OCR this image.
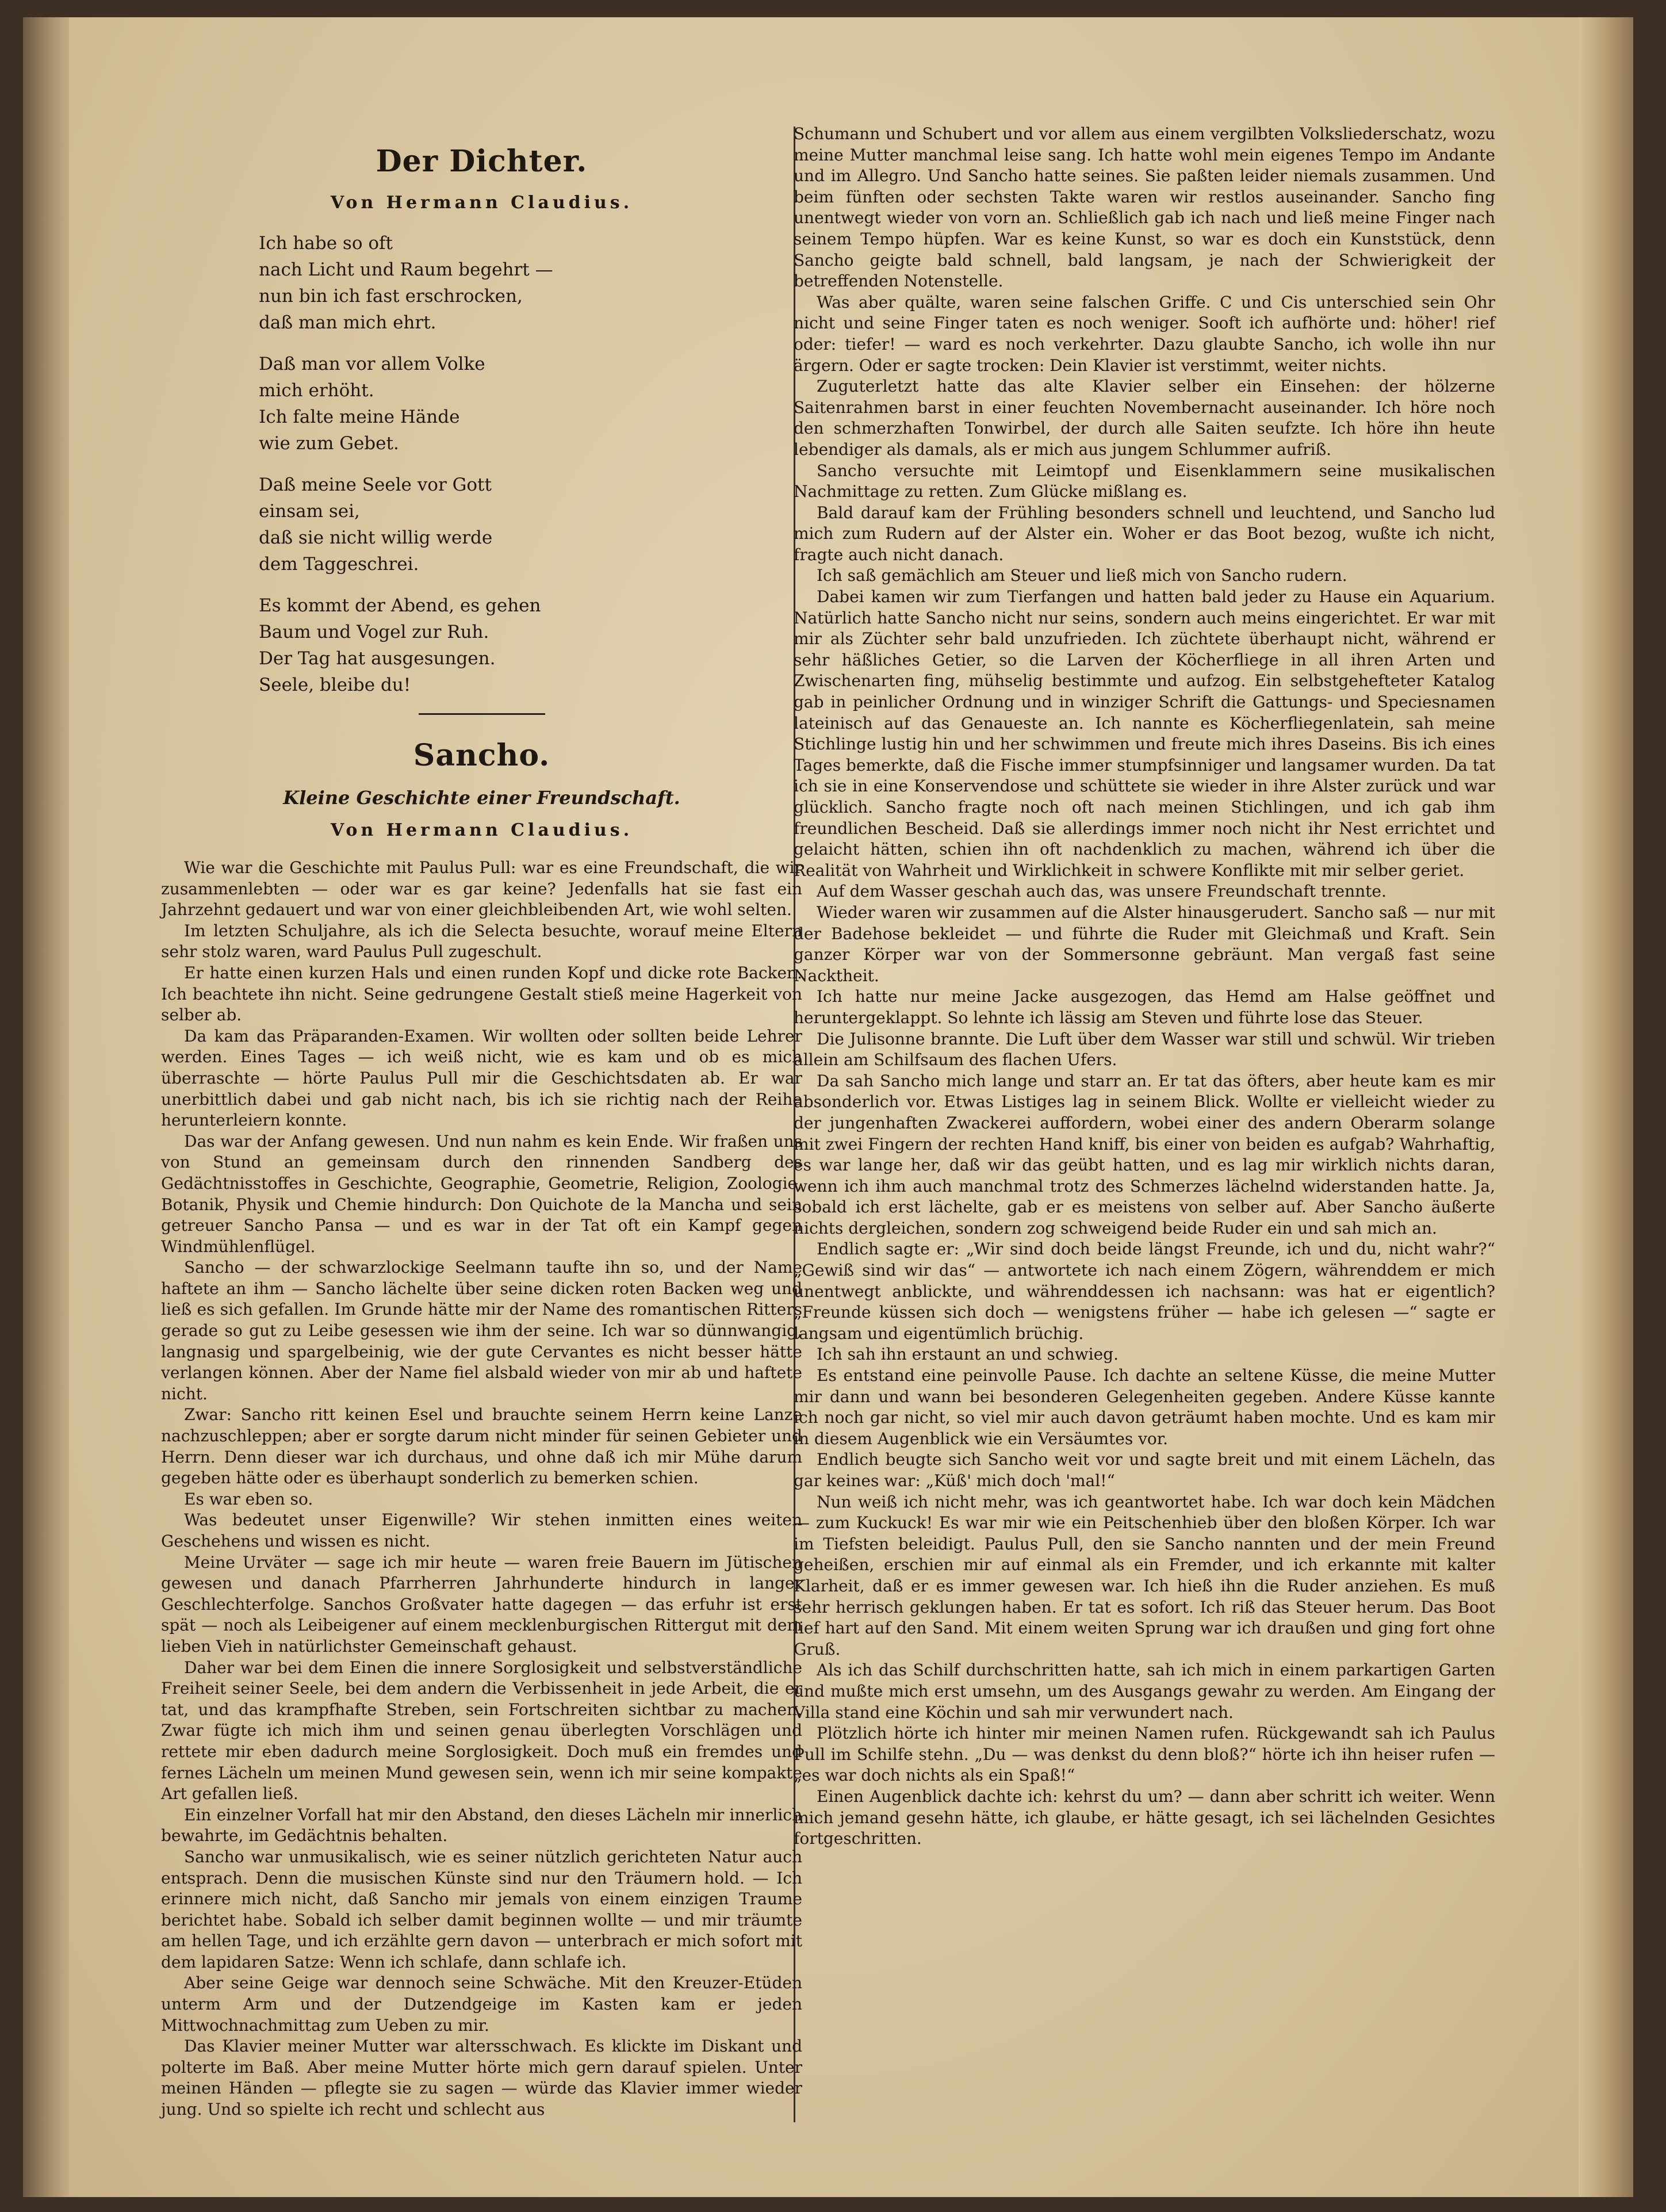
Der Dichter.
Von Hermann Claudius.
Ich habe so oft
nach Licht und Raum begehrt —
nun bin ich fast erschrocken,
daß man mich ehrt.
Daß man vor allem Volke
mich erhöht.
Ich falte meine Hände
wie zum Gebet.
Daß meine Seele vor Gott
einsam sei,
daß sie nicht willig werde
dem Taggeschrei.
Es kommt der Abend, es gehen
Baum und Vogel zur Ruh.
Der Tag hat ausgesungen.
Seele, bleibe du!
Sancho.
Kleine Geschichte einer Freundschaft.
Von Hermann Claudius.

Wie war die Geschichte mit Paulus Pull: war es eine Freundschaft, die wir zusammenlebten — oder war es gar keine? Jedenfalls hat sie fast ein Jahrzehnt gedauert und war von einer gleichbleibenden Art, wie wohl selten.

Im letzten Schuljahre, als ich die Selecta besuchte, worauf meine Eltern sehr stolz waren, ward Paulus Pull zugeschult.

Er hatte einen kurzen Hals und einen runden Kopf und dicke rote Backen. Ich beachtete ihn nicht. Seine gedrungene Gestalt stieß meine Hagerkeit von selber ab.

Da kam das Präparanden-Examen. Wir wollten oder sollten beide Lehrer werden. Eines Tages — ich weiß nicht, wie es kam und ob es mich überraschte — hörte Paulus Pull mir die Geschichtsdaten ab. Er war unerbittlich dabei und gab nicht nach, bis ich sie richtig nach der Reihe herunterleiern konnte.

Das war der Anfang gewesen. Und nun nahm es kein Ende. Wir fraßen uns von Stund an gemeinsam durch den rinnenden Sandberg des Gedächtnisstoffes in Geschichte, Geographie, Geometrie, Religion, Zoologie, Botanik, Physik und Chemie hindurch: Don Quichote de la Mancha und sein getreuer Sancho Pansa — und es war in der Tat oft ein Kampf gegen Windmühlenflügel.

Sancho — der schwarzlockige Seelmann taufte ihn so, und der Name haftete an ihm — Sancho lächelte über seine dicken roten Backen weg und ließ es sich gefallen. Im Grunde hätte mir der Name des romantischen Ritters gerade so gut zu Leibe gesessen wie ihm der seine. Ich war so dünnwangig, langnasig und spargelbeinig, wie der gute Cervantes es nicht besser hätte verlangen können. Aber der Name fiel alsbald wieder von mir ab und haftete nicht.

Zwar: Sancho ritt keinen Esel und brauchte seinem Herrn keine Lanze nachzuschleppen; aber er sorgte darum nicht minder für seinen Gebieter und Herrn. Denn dieser war ich durchaus, und ohne daß ich mir Mühe darum gegeben hätte oder es überhaupt sonderlich zu bemerken schien.

Es war eben so.

Was bedeutet unser Eigenwille? Wir stehen inmitten eines weiten Geschehens und wissen es nicht.

Meine Urväter — sage ich mir heute — waren freie Bauern im Jütischen gewesen und danach Pfarrherren Jahrhunderte hindurch in langer Geschlechterfolge. Sanchos Großvater hatte dagegen — das erfuhr ist erst spät — noch als Leibeigener auf einem mecklenburgischen Rittergut mit dem lieben Vieh in natürlichster Gemeinschaft gehaust.

Daher war bei dem Einen die innere Sorglosigkeit und selbstverständliche Freiheit seiner Seele, bei dem andern die Verbissenheit in jede Arbeit, die er tat, und das krampfhafte Streben, sein Fortschreiten sichtbar zu machen. Zwar fügte ich mich ihm und seinen genau überlegten Vorschlägen und rettete mir eben dadurch meine Sorglosigkeit. Doch muß ein fremdes und fernes Lächeln um meinen Mund gewesen sein, wenn ich mir seine kompakte Art gefallen ließ.

Ein einzelner Vorfall hat mir den Abstand, den dieses Lächeln mir innerlich bewahrte, im Gedächtnis behalten.

Sancho war unmusikalisch, wie es seiner nützlich gerichteten Natur auch entsprach. Denn die musischen Künste sind nur den Träumern hold. — Ich erinnere mich nicht, daß Sancho mir jemals von einem einzigen Traume berichtet habe. Sobald ich selber damit beginnen wollte — und mir träumte am hellen Tage, und ich erzählte gern davon — unterbrach er mich sofort mit dem lapidaren Satze: Wenn ich schlafe, dann schlafe ich.

Aber seine Geige war dennoch seine Schwäche. Mit den Kreuzer-Etüden unterm Arm und der Dutzendgeige im Kasten kam er jeden Mittwochnachmittag zum Ueben zu mir.

Das Klavier meiner Mutter war altersschwach. Es klickte im Diskant und polterte im Baß. Aber meine Mutter hörte mich gern darauf spielen. Unter meinen Händen — pflegte sie zu sagen — würde das Klavier immer wieder jung. Und so spielte ich recht und schlecht aus

Schumann und Schubert und vor allem aus einem vergilbten Volksliederschatz, wozu meine Mutter manchmal leise sang. Ich hatte wohl mein eigenes Tempo im Andante und im Allegro. Und Sancho hatte seines. Sie paßten leider niemals zusammen. Und beim fünften oder sechsten Takte waren wir restlos auseinander. Sancho fing unentwegt wieder von vorn an. Schließlich gab ich nach und ließ meine Finger nach seinem Tempo hüpfen. War es keine Kunst, so war es doch ein Kunststück, denn Sancho geigte bald schnell, bald langsam, je nach der Schwierigkeit der betreffenden Notenstelle.

Was aber quälte, waren seine falschen Griffe. C und Cis unterschied sein Ohr nicht und seine Finger taten es noch weniger. Sooft ich aufhörte und: höher! rief oder: tiefer! — ward es noch verkehrter. Dazu glaubte Sancho, ich wolle ihn nur ärgern. Oder er sagte trocken: Dein Klavier ist verstimmt, weiter nichts.

Zuguterletzt hatte das alte Klavier selber ein Einsehen: der hölzerne Saitenrahmen barst in einer feuchten Novembernacht auseinander. Ich höre noch den schmerzhaften Tonwirbel, der durch alle Saiten seufzte. Ich höre ihn heute lebendiger als damals, als er mich aus jungem Schlummer aufriß.

Sancho versuchte mit Leimtopf und Eisenklammern seine musikalischen Nachmittage zu retten. Zum Glücke mißlang es.

Bald darauf kam der Frühling besonders schnell und leuchtend, und Sancho lud mich zum Rudern auf der Alster ein. Woher er das Boot bezog, wußte ich nicht, fragte auch nicht danach.

Ich saß gemächlich am Steuer und ließ mich von Sancho rudern.

Dabei kamen wir zum Tierfangen und hatten bald jeder zu Hause ein Aquarium. Natürlich hatte Sancho nicht nur seins, sondern auch meins eingerichtet. Er war mit mir als Züchter sehr bald unzufrieden. Ich züchtete überhaupt nicht, während er sehr häßliches Getier, so die Larven der Köcherfliege in all ihren Arten und Zwischenarten fing, mühselig bestimmte und aufzog. Ein selbstgehefteter Katalog gab in peinlicher Ordnung und in winziger Schrift die Gattungs- und Speciesnamen lateinisch auf das Genaueste an. Ich nannte es Köcherfliegenlatein, sah meine Stichlinge lustig hin und her schwimmen und freute mich ihres Daseins. Bis ich eines Tages bemerkte, daß die Fische immer stumpfsinniger und langsamer wurden. Da tat ich sie in eine Konservendose und schüttete sie wieder in ihre Alster zurück und war glücklich. Sancho fragte noch oft nach meinen Stichlingen, und ich gab ihm freundlichen Bescheid. Daß sie allerdings immer noch nicht ihr Nest errichtet und gelaicht hätten, schien ihn oft nachdenklich zu machen, während ich über die Realität von Wahrheit und Wirklichkeit in schwere Konflikte mit mir selber geriet.

Auf dem Wasser geschah auch das, was unsere Freundschaft trennte.

Wieder waren wir zusammen auf die Alster hinausgerudert. Sancho saß — nur mit der Badehose bekleidet — und führte die Ruder mit Gleichmaß und Kraft. Sein ganzer Körper war von der Sommersonne gebräunt. Man vergaß fast seine Nacktheit.

Ich hatte nur meine Jacke ausgezogen, das Hemd am Halse geöffnet und heruntergeklappt. So lehnte ich lässig am Steven und führte lose das Steuer.

Die Julisonne brannte. Die Luft über dem Wasser war still und schwül. Wir trieben allein am Schilfsaum des flachen Ufers.

Da sah Sancho mich lange und starr an. Er tat das öfters, aber heute kam es mir absonderlich vor. Etwas Listiges lag in seinem Blick. Wollte er vielleicht wieder zu der jungenhaften Zwackerei auffordern, wobei einer des andern Oberarm solange mit zwei Fingern der rechten Hand kniff, bis einer von beiden es aufgab? Wahrhaftig, es war lange her, daß wir das geübt hatten, und es lag mir wirklich nichts daran, wenn ich ihm auch manchmal trotz des Schmerzes lächelnd widerstanden hatte. Ja, sobald ich erst lächelte, gab er es meistens von selber auf. Aber Sancho äußerte nichts dergleichen, sondern zog schweigend beide Ruder ein und sah mich an.

Endlich sagte er: „Wir sind doch beide längst Freunde, ich und du, nicht wahr?“ „Gewiß sind wir das“ — antwortete ich nach einem Zögern, währenddem er mich unentwegt anblickte, und währenddessen ich nachsann: was hat er eigentlich? „Freunde küssen sich doch — wenigstens früher — habe ich gelesen —“ sagte er langsam und eigentümlich brüchig.

Ich sah ihn erstaunt an und schwieg.

Es entstand eine peinvolle Pause. Ich dachte an seltene Küsse, die meine Mutter mir dann und wann bei besonderen Gelegenheiten gegeben. Andere Küsse kannte ich noch gar nicht, so viel mir auch davon geträumt haben mochte. Und es kam mir in diesem Augenblick wie ein Versäumtes vor.

Endlich beugte sich Sancho weit vor und sagte breit und mit einem Lächeln, das gar keines war: „Küß' mich doch 'mal!“

Nun weiß ich nicht mehr, was ich geantwortet habe. Ich war doch kein Mädchen — zum Kuckuck! Es war mir wie ein Peitschenhieb über den bloßen Körper. Ich war im Tiefsten beleidigt. Paulus Pull, den sie Sancho nannten und der mein Freund geheißen, erschien mir auf einmal als ein Fremder, und ich erkannte mit kalter Klarheit, daß er es immer gewesen war. Ich hieß ihn die Ruder anziehen. Es muß sehr herrisch geklungen haben. Er tat es sofort. Ich riß das Steuer herum. Das Boot lief hart auf den Sand. Mit einem weiten Sprung war ich draußen und ging fort ohne Gruß.

Als ich das Schilf durchschritten hatte, sah ich mich in einem parkartigen Garten und mußte mich erst umsehn, um des Ausgangs gewahr zu werden. Am Eingang der Villa stand eine Köchin und sah mir verwundert nach.

Plötzlich hörte ich hinter mir meinen Namen rufen. Rückgewandt sah ich Paulus Pull im Schilfe stehn. „Du — was denkst du denn bloß?“ hörte ich ihn heiser rufen — „es war doch nichts als ein Spaß!“

Einen Augenblick dachte ich: kehrst du um? — dann aber schritt ich weiter. Wenn mich jemand gesehn hätte, ich glaube, er hätte gesagt, ich sei lächelnden Gesichtes fortgeschritten.
